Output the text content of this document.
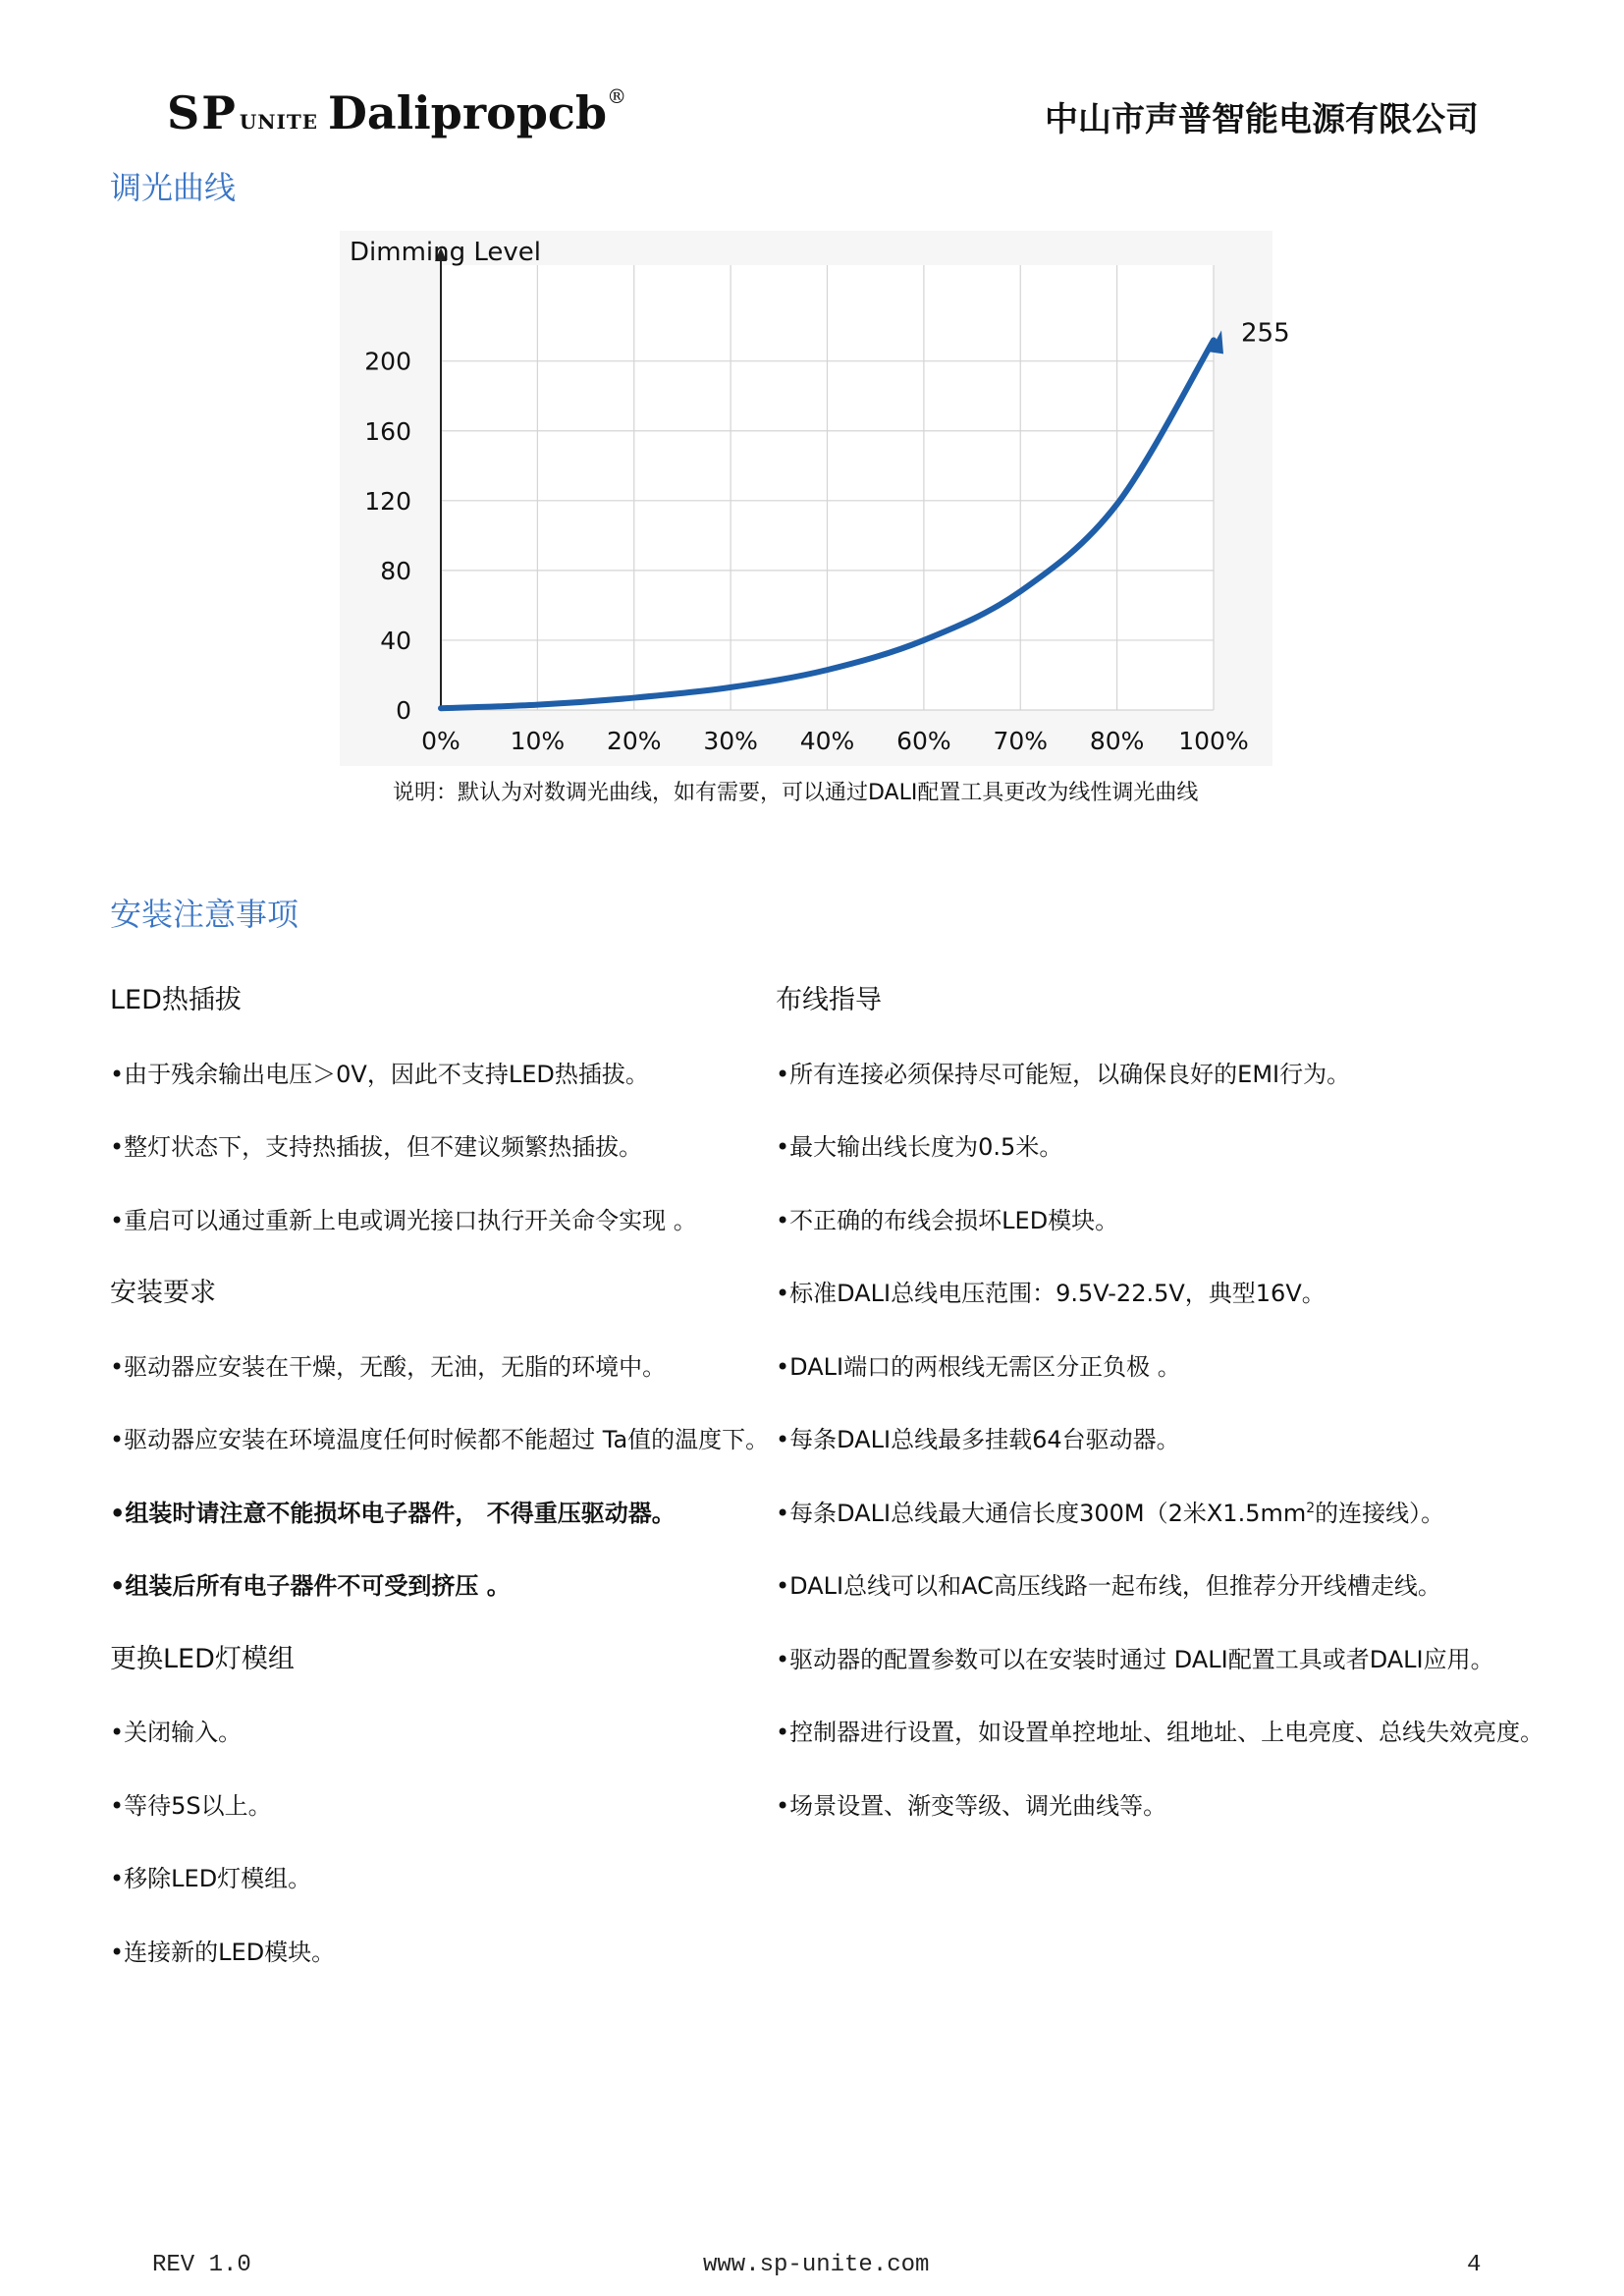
SP UNITE Dalipropcb®
中山市声普智能电源有限公司
调光曲线
Dimming Level
0
40
80
120
160
200
0% 10% 20% 30% 40% 60% 70% 80% 100%
255
说明：默认为对数调光曲线，如有需要，可以通过DALI配置工具更改为线性调光曲线
安装注意事项
LED热插拔
•由于残余输出电压＞0V，因此不支持LED热插拔。
•整灯状态下，支持热插拔，但不建议频繁热插拔。
•重启可以通过重新上电或调光接口执行开关命令实现 。
安装要求
•驱动器应安装在干燥，无酸，无油，无脂的环境中。
•驱动器应安装在环境温度任何时候都不能超过 Ta值的温度下。
•组装时请注意不能损坏电子器件， 不得重压驱动器。
•组装后所有电子器件不可受到挤压 。
更换LED灯模组
•关闭输入。
•等待5S以上。
•移除LED灯模组。
•连接新的LED模块。
布线指导
•所有连接必须保持尽可能短，以确保良好的EMI行为。
•最大输出线长度为0.5米。
•不正确的布线会损坏LED模块。
•标准DALI总线电压范围：9.5V-22.5V，典型16V。
•DALI端口的两根线无需区分正负极 。
•每条DALI总线最多挂载64台驱动器。
•每条DALI总线最大通信长度300M（2米$X1.5mm^2$的连接线）。
•DALI总线可以和AC高压线路一起布线，但推荐分开线槽走线。
•驱动器的配置参数可以在安装时通过 DALI配置工具或者DALI应用。
•控制器进行设置，如设置单控地址、组地址、上电亮度、总线失效亮度。
•场景设置、渐变等级、调光曲线等。
REV 1.0	www.sp-unite.com	4
